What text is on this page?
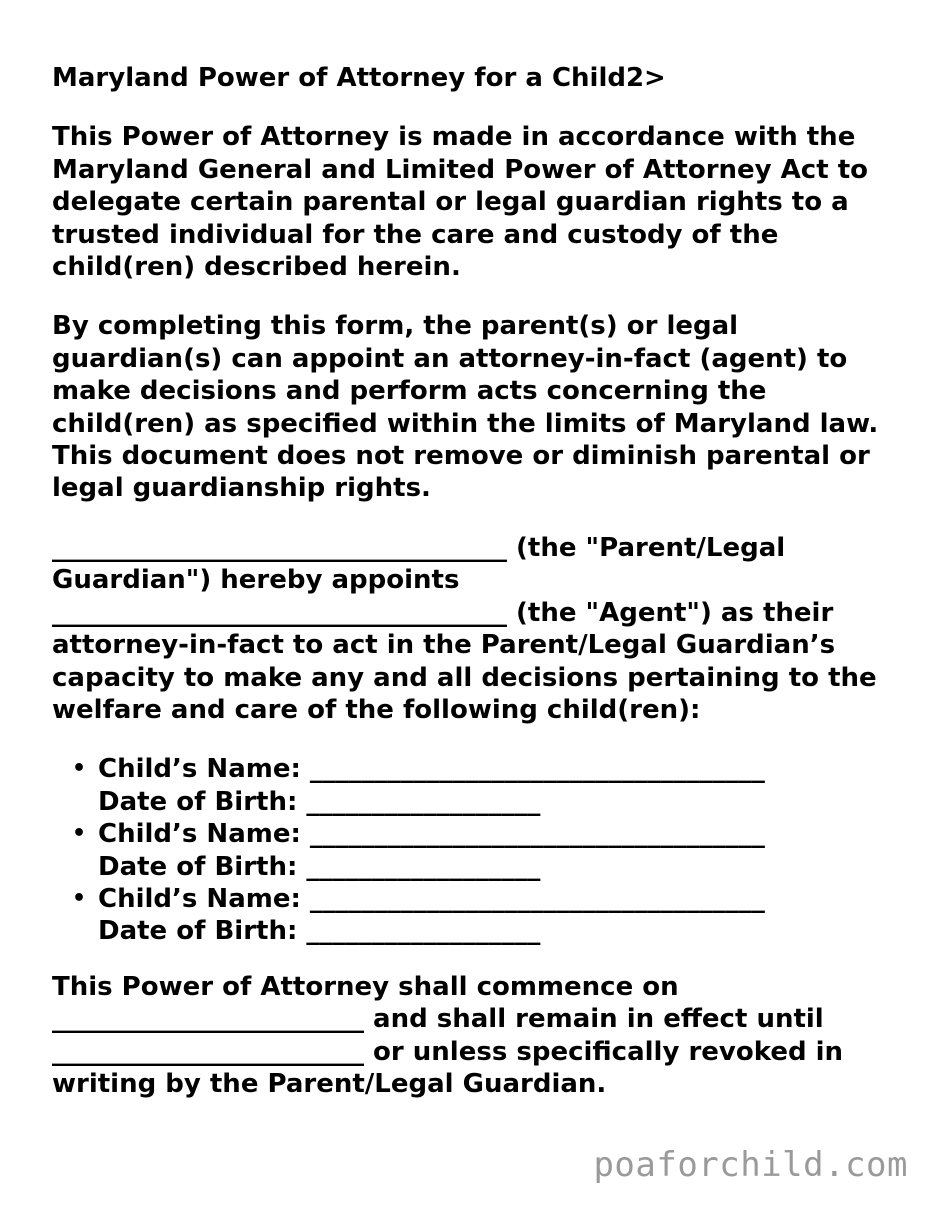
Maryland Power of Attorney for a Child2>
This Power of Attorney is made in accordance with the Maryland General and Limited Power of Attorney Act to delegate certain parental or legal guardian rights to a trusted individual for the care and custody of the child(ren) described herein.
By completing this form, the parent(s) or legal guardian(s) can appoint an attorney-in-fact (agent) to make decisions and perform acts concerning the child(ren) as specified within the limits of Maryland law. This document does not remove or diminish parental or legal guardianship rights.
___________________________________ (the "Parent/Legal Guardian") hereby appoints ___________________________________ (the "Agent") as their attorney-in-fact to act in the Parent/Legal Guardian’s capacity to make any and all decisions pertaining to the welfare and care of the following child(ren):
• Child’s Name: ___________________________________
Date of Birth: __________________
• Child’s Name: ___________________________________
Date of Birth: __________________
• Child’s Name: ___________________________________
Date of Birth: __________________
This Power of Attorney shall commence on ________________________ and shall remain in effect until ________________________ or unless specifically revoked in writing by the Parent/Legal Guardian.
poaforchild.com
